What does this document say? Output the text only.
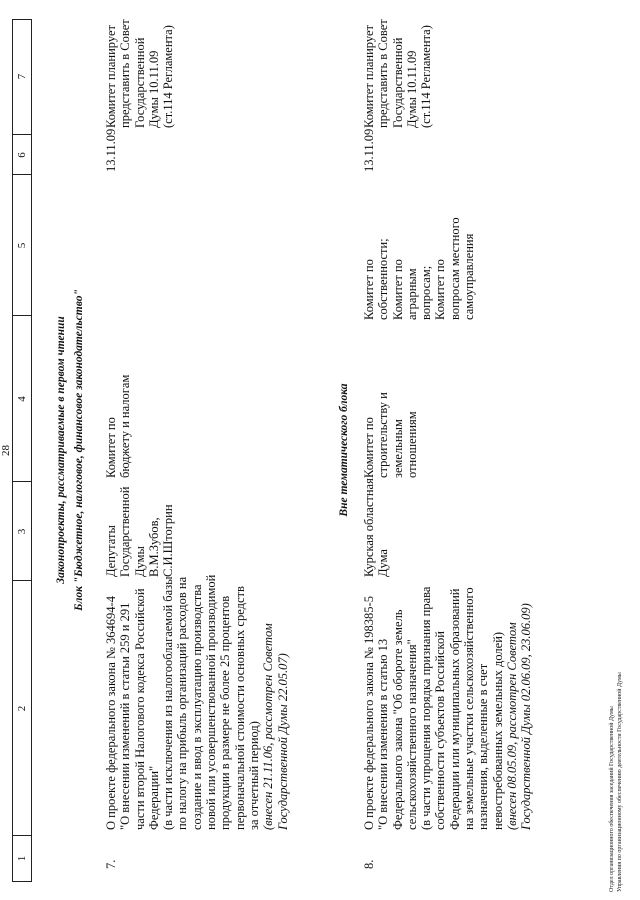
1
2
3
4
5
6
7
28	Законопроекты, рассматриваемые в первом чтении Блок "Бюджетное, налоговое, финансовое законодательство"
7.
О проекте федерального закона № 364694-4 "О внесении изменений в статьи 259 и 291 части второй Налогового кодекса Российской Федерации" (в части исключения из налогооблагаемой базы по налогу на прибыль организаций расходов на создание и ввод в эксплуатацию производства новой или усовершенствованной производимой продукции в размере не более 25 процентов первоначальной стоимости основных средств за отчетный период) (внесен 21.11.06, рассмотрен Советом Государственной Думы 22.05.07)
Депутаты Государственной Думы В.М.Зубов, С.И.Штогрин
Комитет по бюджету и налогам
13.11.09
Комитет планирует представить в Совет Государственной Думы 10.11.09 (ст.114 Регламента)
Вне тематического блока
8.
О проекте федерального закона № 198385-5 "О внесении изменения в статью 13 Федерального закона "Об обороте земель сельскохозяйственного назначения" (в части упрощения порядка признания права собственности субъектов Российской Федерации или муниципальных образований на земельные участки сельскохозяйственного назначения, выделенные в счет невостребованных земельных долей) (внесен 08.05.09, рассмотрен Советом Государственной Думы 02.06.09, 23.06.09)
Курская областная Дума
Комитет по строительству и земельным отношениям
Комитет по собственности; Комитет по аграрным вопросам; Комитет по вопросам местного самоуправления
13.11.09
Комитет планирует представить в Совет Государственной Думы 10.11.09 (ст.114 Регламента)
Отдел организационного обеспечения заседаний Государственной Думы Управления по организационному обеспечению деятельности Государственной Думы
